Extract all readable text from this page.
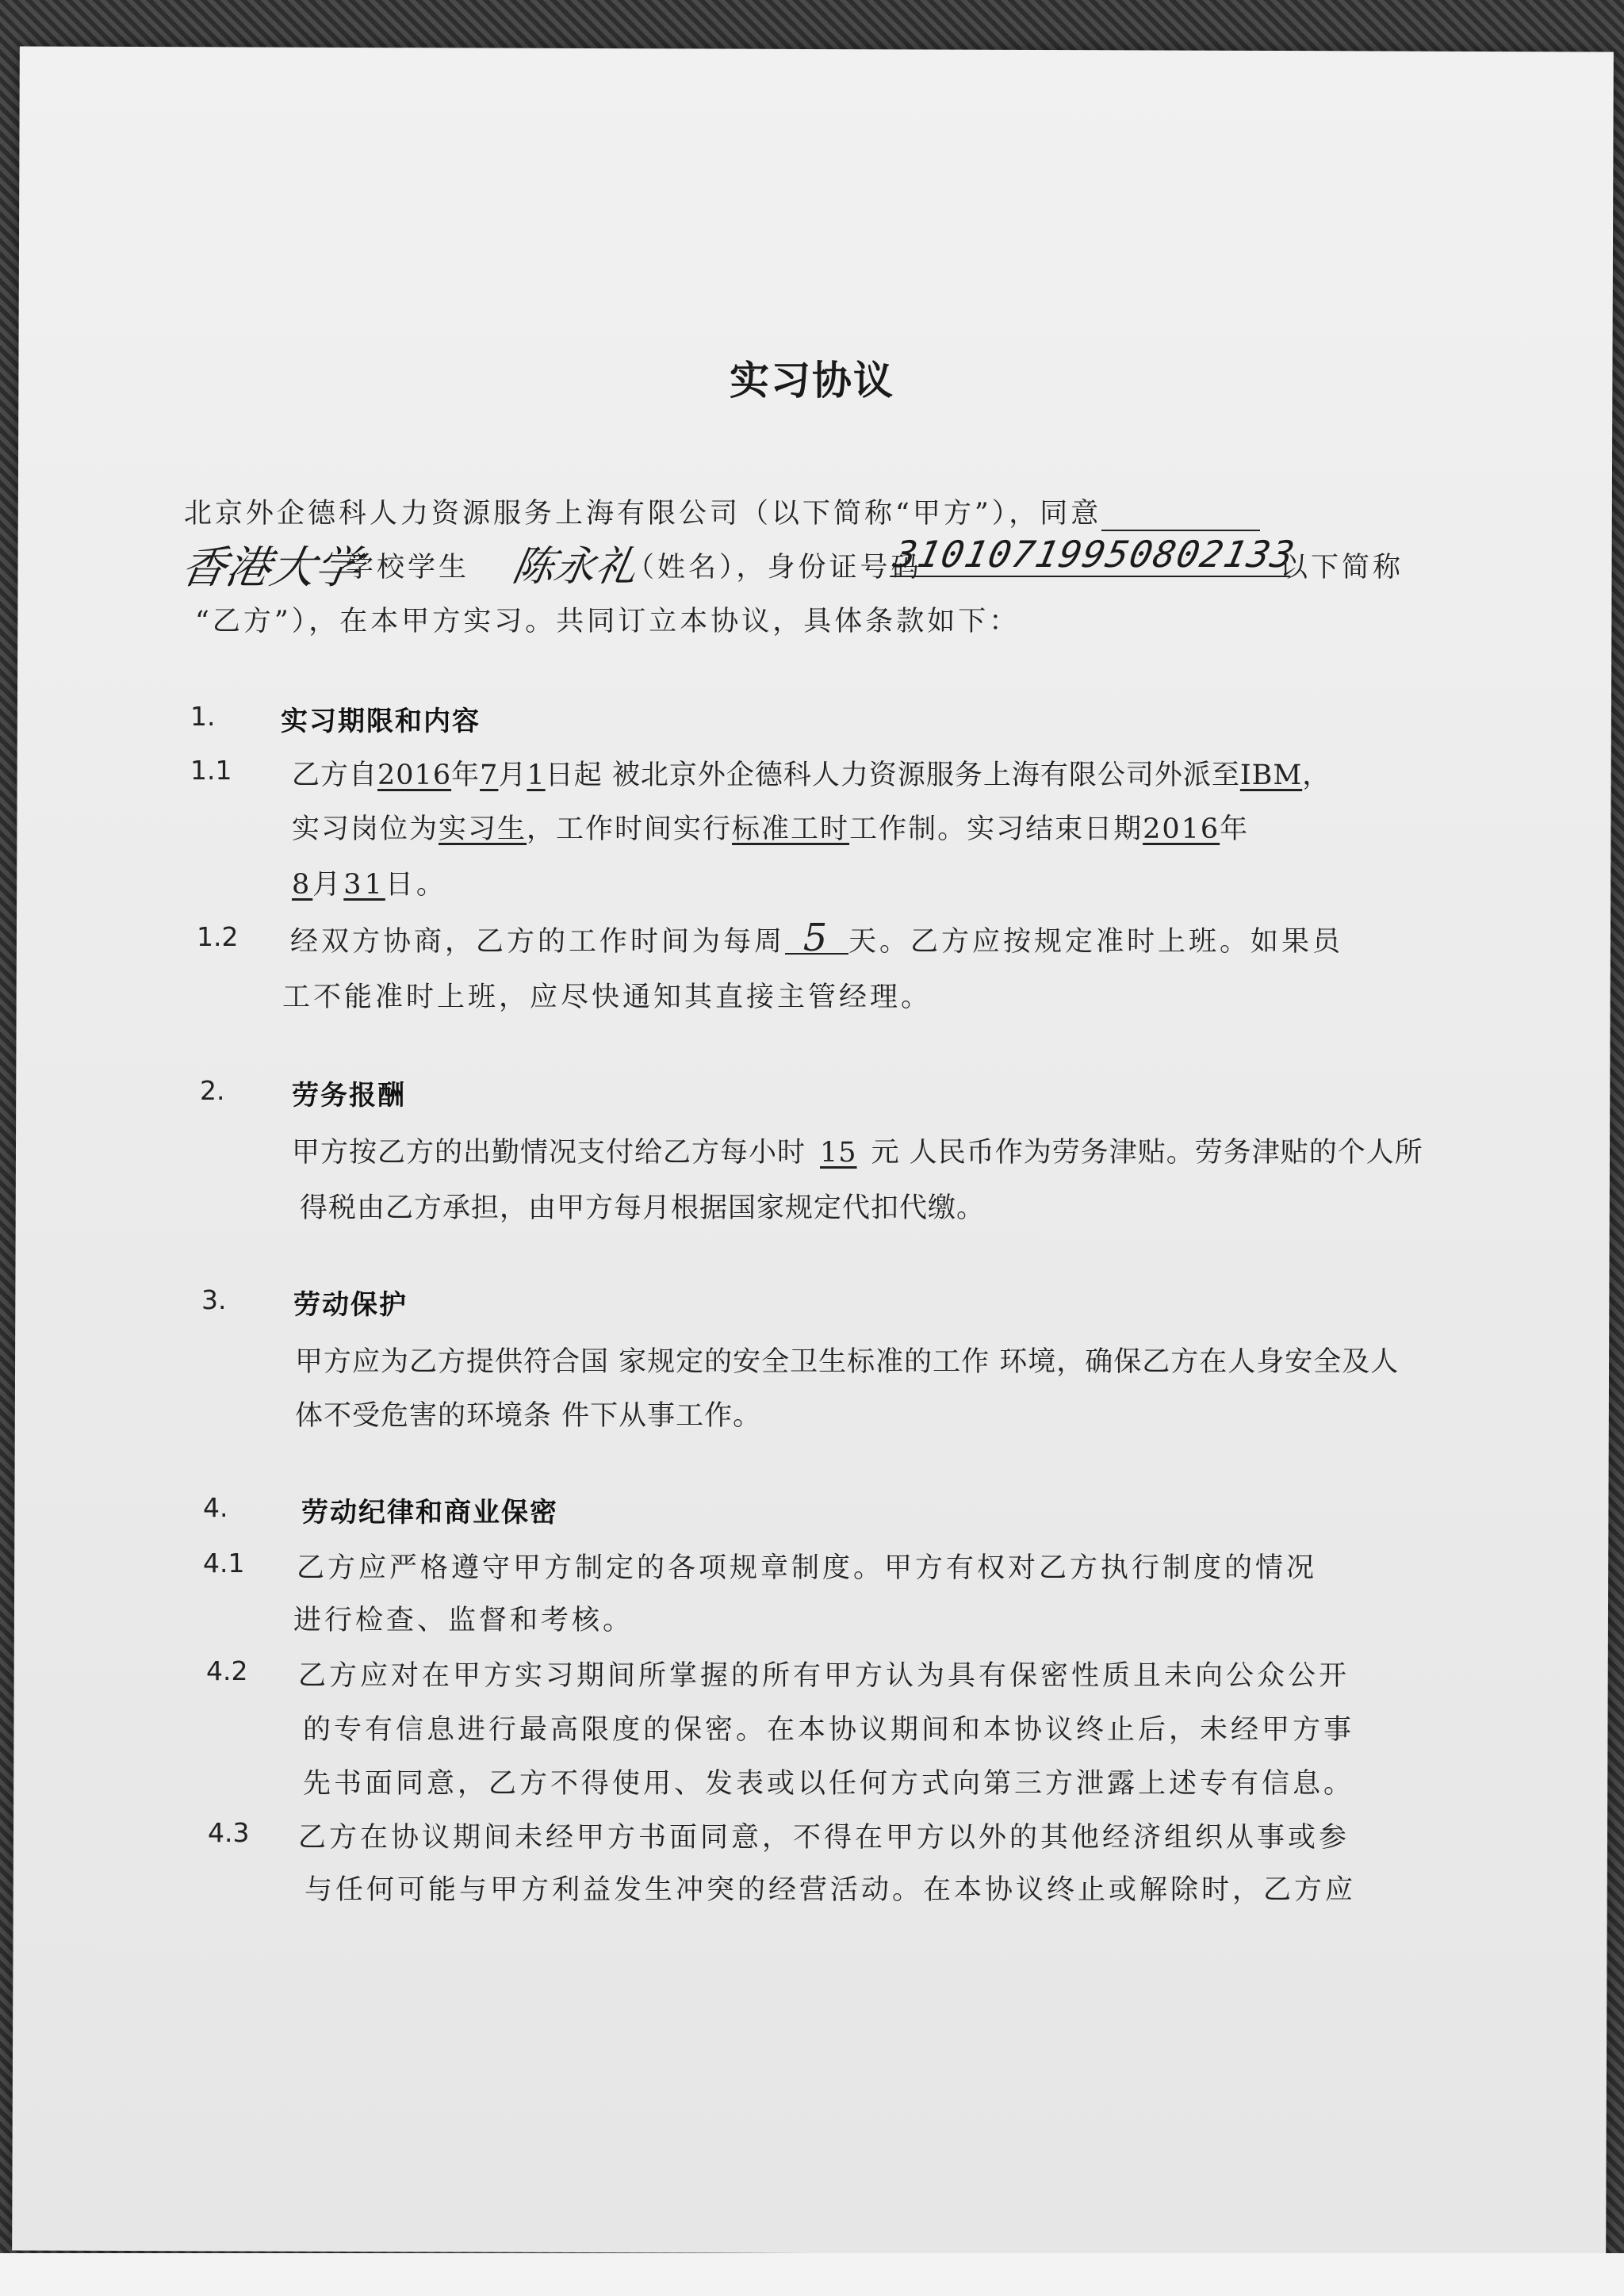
实习协议
北京外企德科人力资源服务上海有限公司（以下简称“甲方”），同意
香港大学
学校学生 陈永礼
（姓名），身份证号码
31010719950802133
以下简称
“乙方”），在本甲方实习。共同订立本协议，具体条款如下：
1. 实习期限和内容
1.1 乙方自2016年7月1日起 被北京外企德科人力资源服务上海有限公司外派至IBM，
实习岗位为实习生，工作时间实行标准工时工作制。实习结束日期2016年
8月31日。
1.2 经双方协商，乙方的工作时间为每周 5 天。乙方应按规定准时上班。如果员
工不能准时上班，应尽快通知其直接主管经理。
2. 劳务报酬
甲方按乙方的出勤情况支付给乙方每小时 15 元 人民币作为劳务津贴。劳务津贴的个人所
得税由乙方承担，由甲方每月根据国家规定代扣代缴。
3. 劳动保护
甲方应为乙方提供符合国 家规定的安全卫生标准的工作 环境，确保乙方在人身安全及人
体不受危害的环境条 件下从事工作。
4.	劳动纪律和商业保密
4.1 乙方应严格遵守甲方制定的各项规章制度。甲方有权对乙方执行制度的情况
进行检查、监督和考核。
4.2 乙方应对在甲方实习期间所掌握的所有甲方认为具有保密性质且未向公众公开
的专有信息进行最高限度的保密。在本协议期间和本协议终止后，未经甲方事
先书面同意，乙方不得使用、发表或以任何方式向第三方泄露上述专有信息。
4.3 乙方在协议期间未经甲方书面同意，不得在甲方以外的其他经济组织从事或参
与任何可能与甲方利益发生冲突的经营活动。在本协议终止或解除时，乙方应
